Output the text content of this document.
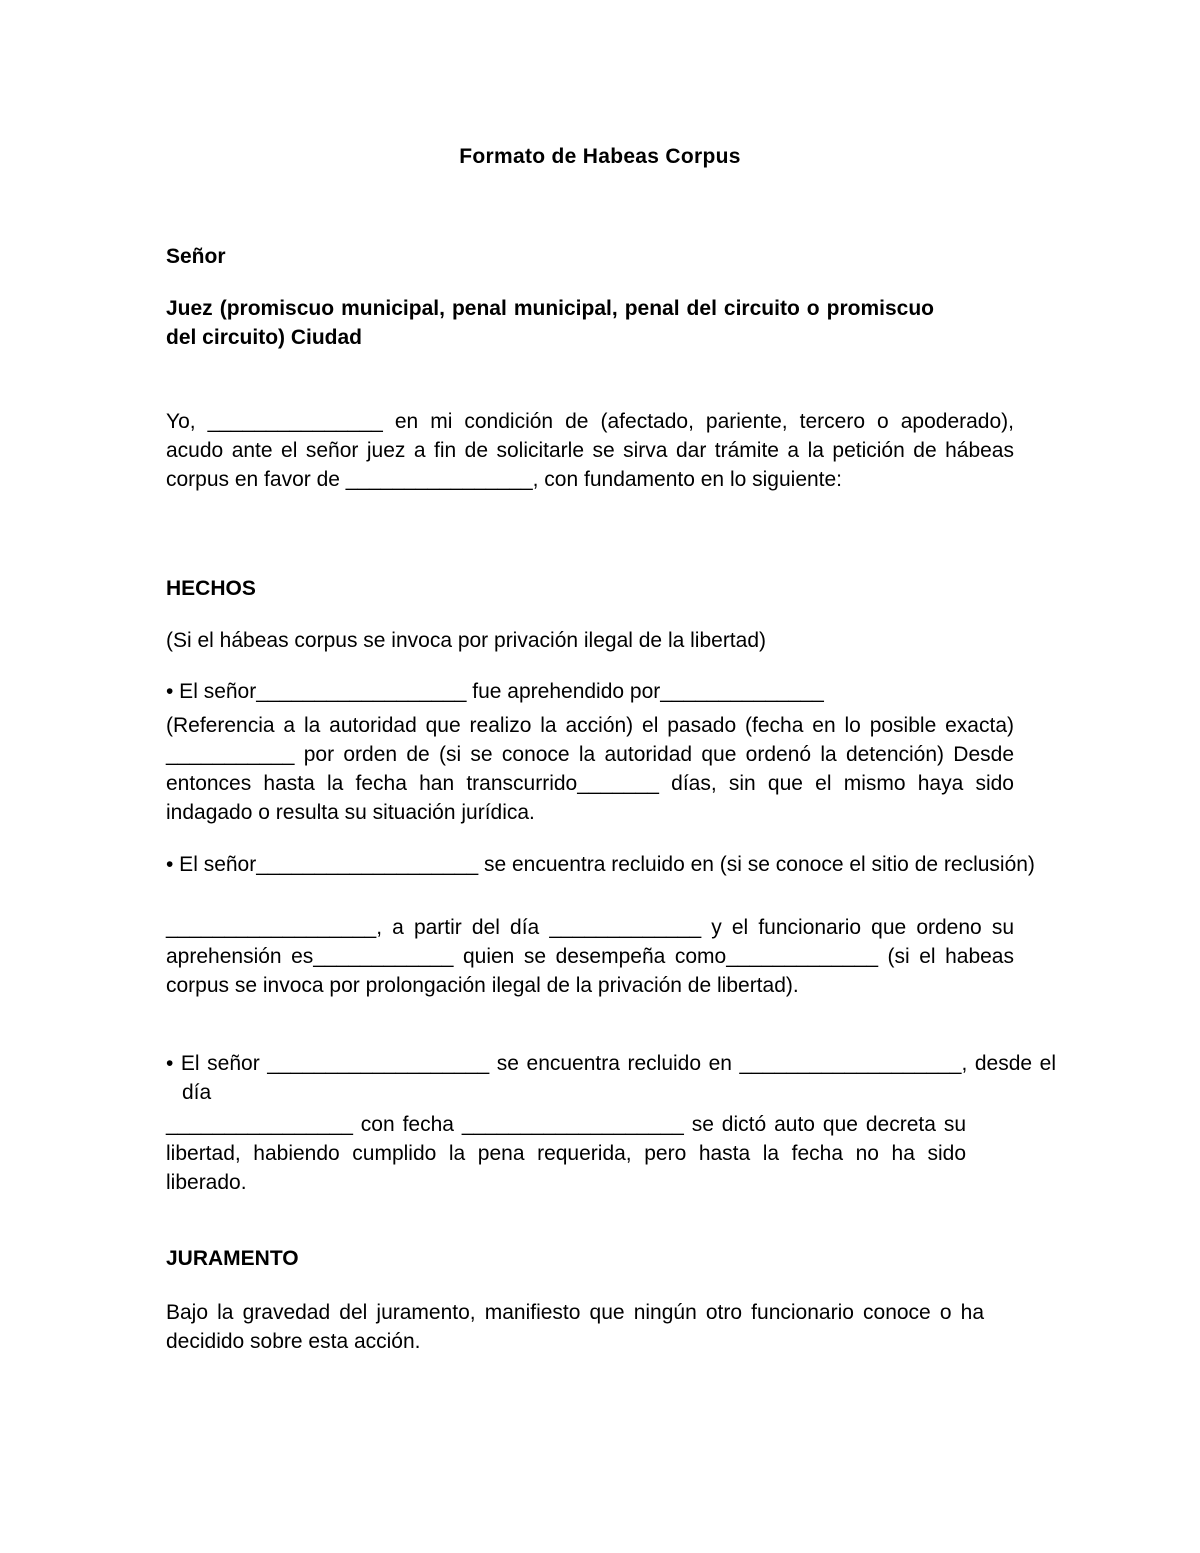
Formato de Habeas Corpus

Señor

Juez (promiscuo municipal, penal municipal, penal del circuito o promiscuo del circuito) Ciudad

Yo, _______________ en mi condición de (afectado, pariente, tercero o apoderado), acudo ante el señor juez a fin de solicitarle se sirva dar trámite a la petición de hábeas corpus en favor de ________________, con fundamento en lo siguiente:

HECHOS

(Si el hábeas corpus se invoca por privación ilegal de la libertad)

• El señor__________________ fue aprehendido por______________

(Referencia a la autoridad que realizo la acción) el pasado (fecha en lo posible exacta) ___________ por orden de (si se conoce la autoridad que ordenó la detención) Desde entonces hasta la fecha han transcurrido_______ días, sin que el mismo haya sido indagado o resulta su situación jurídica.

• El señor___________________ se encuentra recluido en (si se conoce el sitio de reclusión)

__________________, a partir del día _____________ y el funcionario que ordeno su aprehensión es____________ quien se desempeña como_____________ (si el habeas corpus se invoca por prolongación ilegal de la privación de libertad).

• El señor ___________________ se encuentra recluido en ___________________, desde el día

________________ con fecha ___________________ se dictó auto que decreta su libertad, habiendo cumplido la pena requerida, pero hasta la fecha no ha sido liberado.

JURAMENTO

Bajo la gravedad del juramento, manifiesto que ningún otro funcionario conoce o ha decidido sobre esta acción.
